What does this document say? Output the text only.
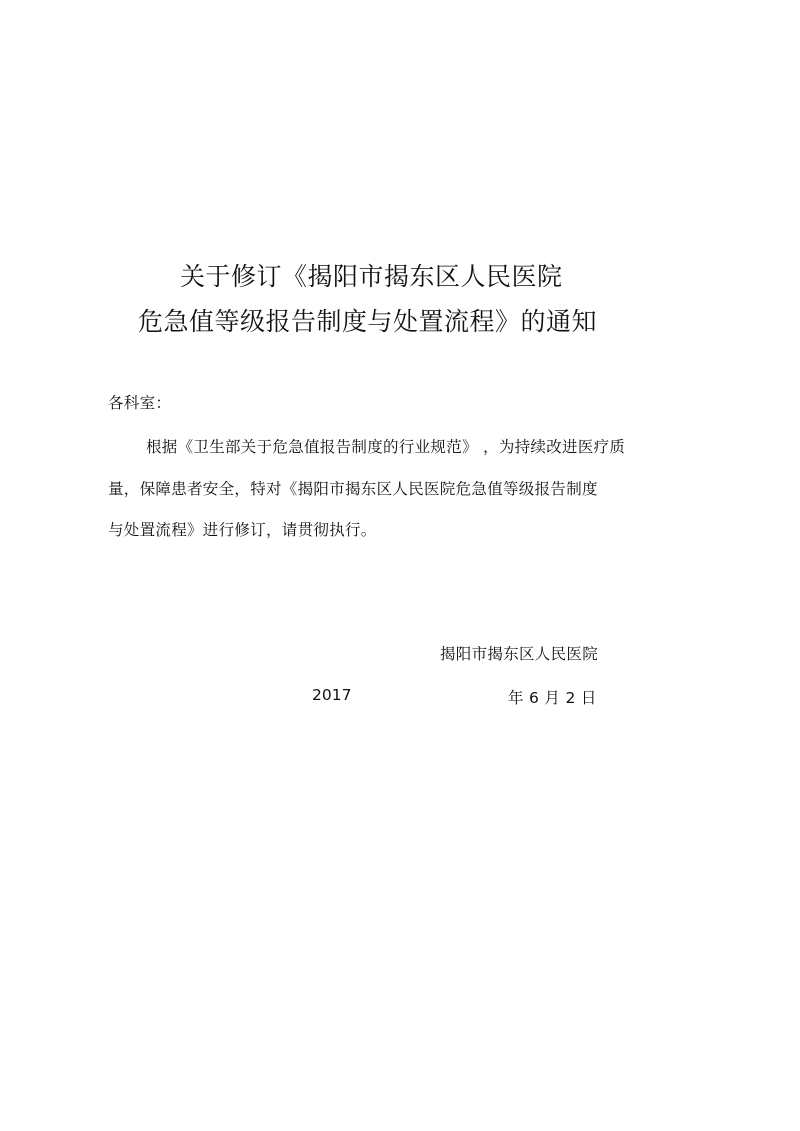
关于修订《揭阳市揭东区人民医院
危急值等级报告制度与处置流程》的通知
各科室：
根据《卫生部关于危急值报告制度的行业规范》 ，为持续改进医疗质
量，保障患者安全，特对《揭阳市揭东区人民医院危急值等级报告制度
与处置流程》进行修订，请贯彻执行。
揭阳市揭东区人民医院
2017	年 6 月 2 日
